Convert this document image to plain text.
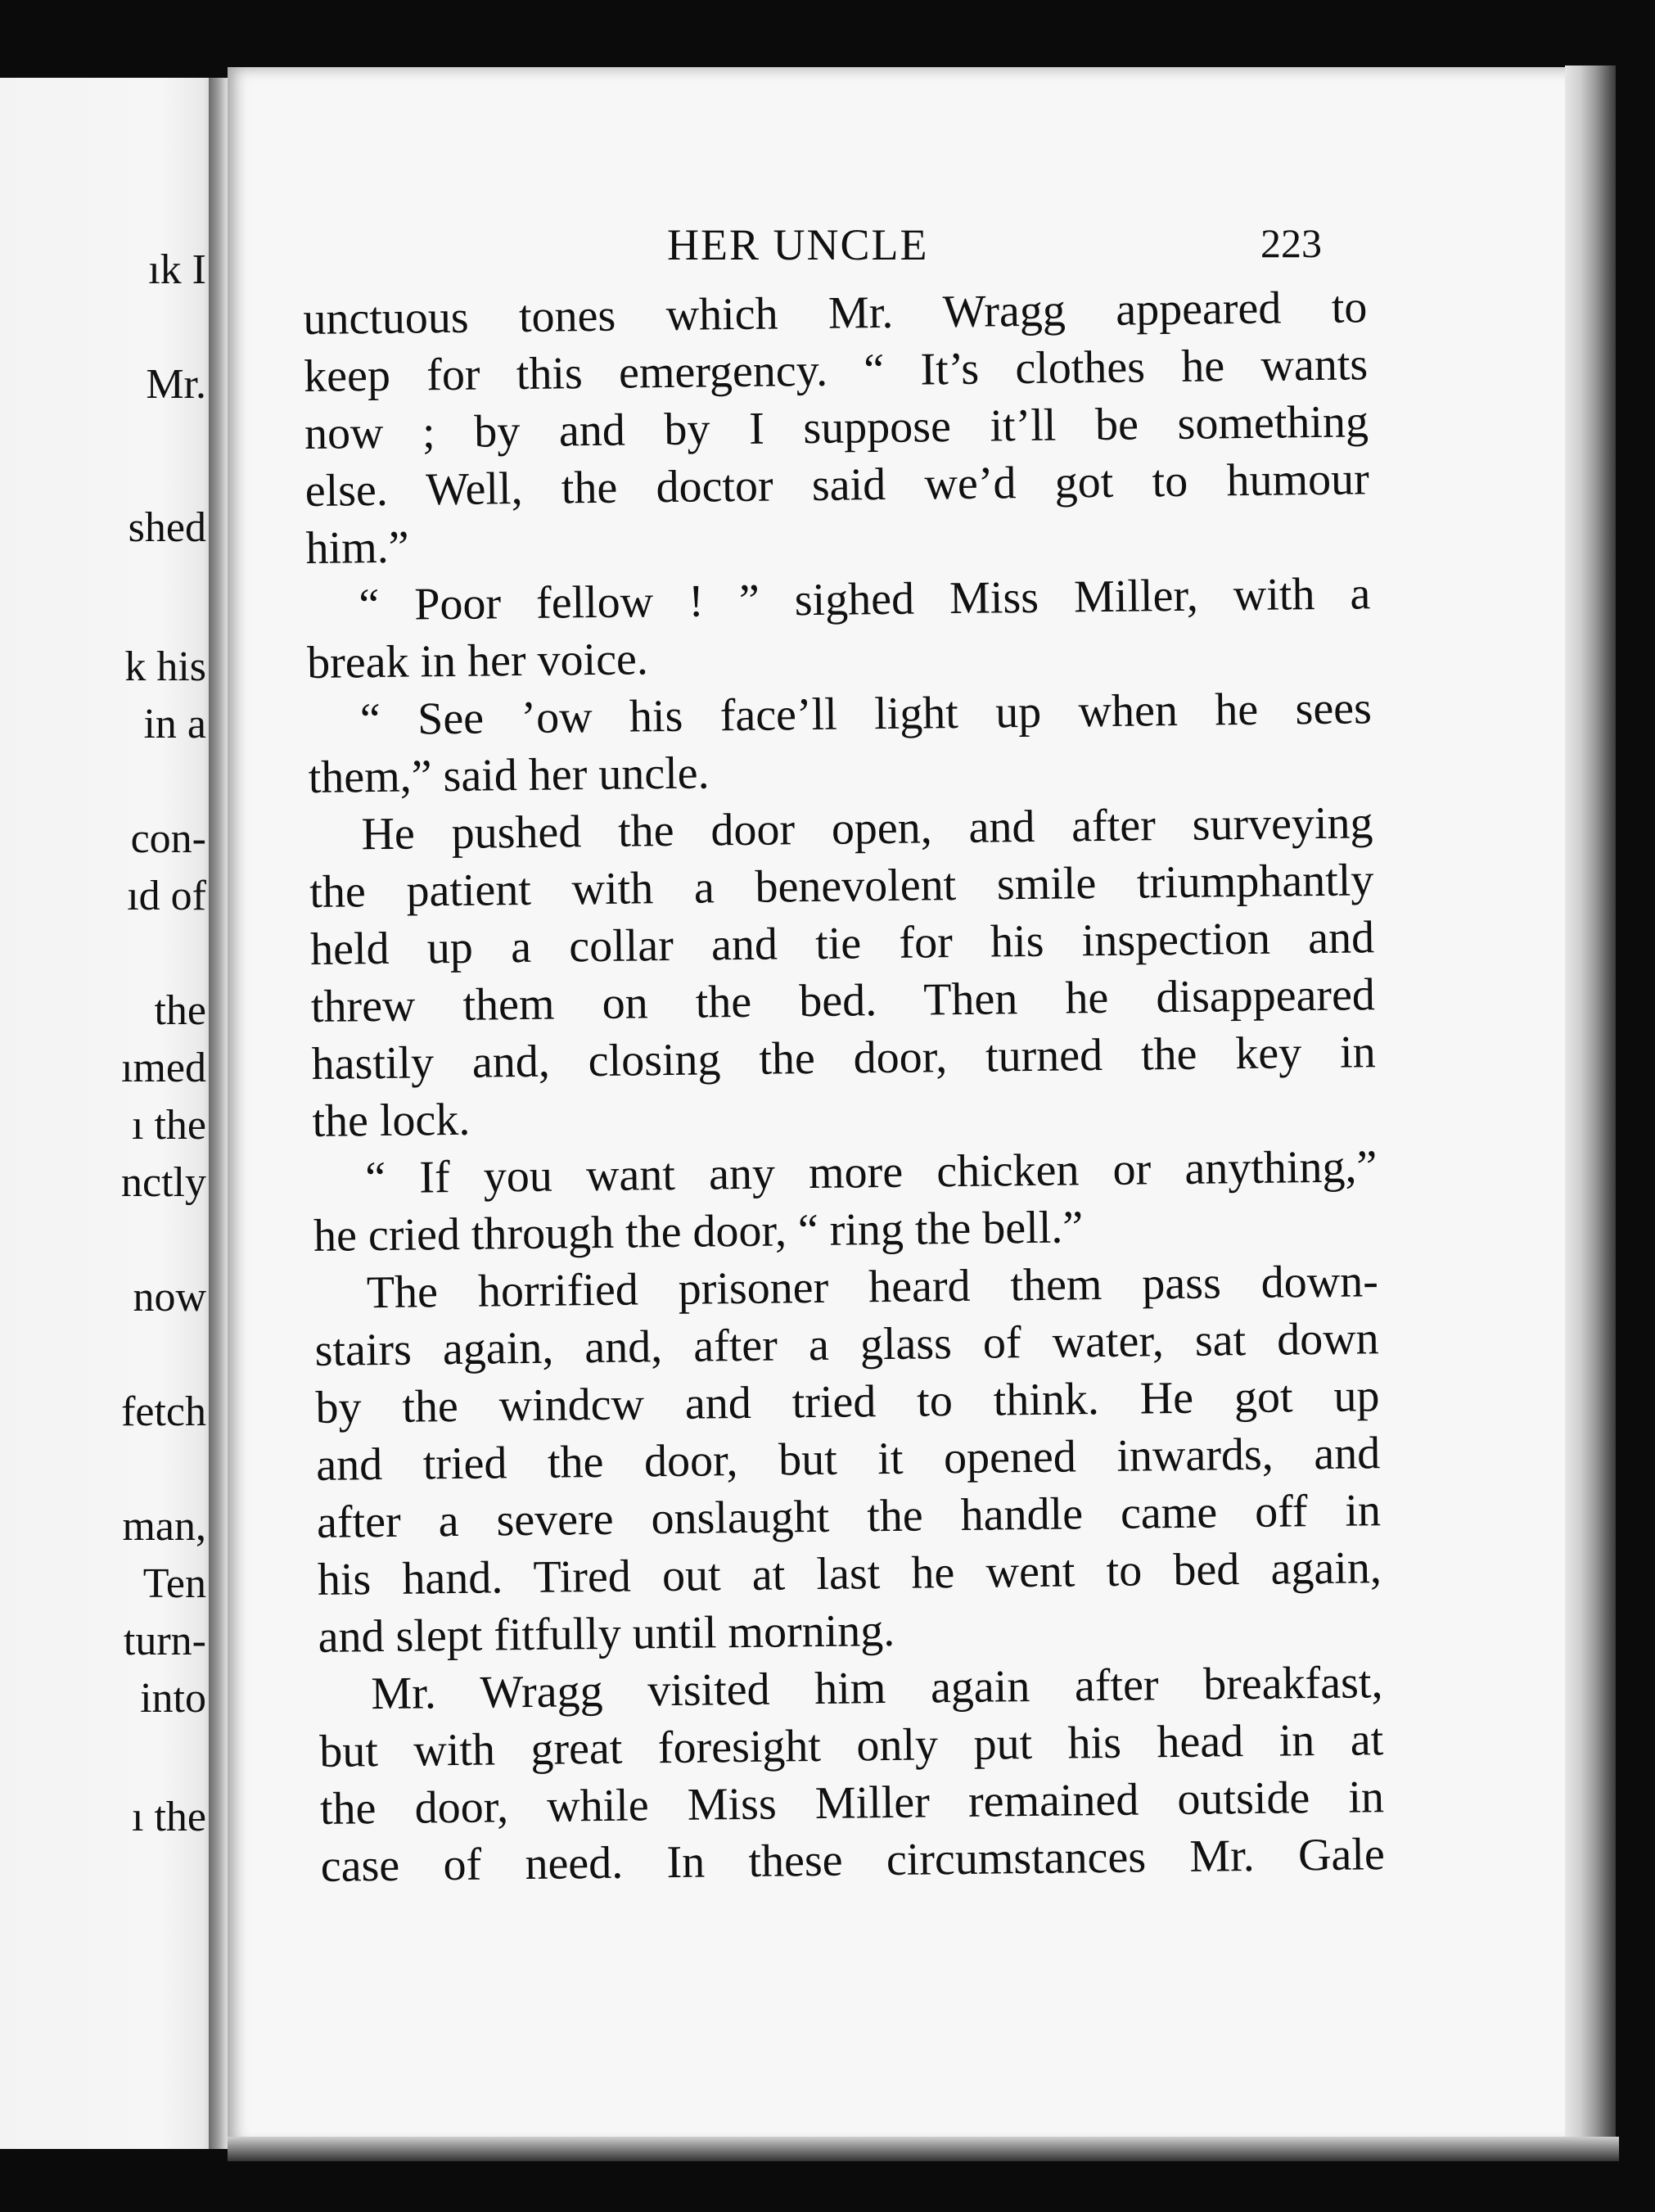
ık I
Mr.
shed
k his
in a
con-
ıd of
the
ımed
ı the
nctly
now
fetch
man,
Ten
turn-
into
ı the
HER UNCLE	223
unctuous tones which Mr. Wragg appeared to
keep for this emergency. “ It’s clothes he wants
now ; by and by I suppose it’ll be something
else. Well, the doctor said we’d got to humour
him.”
“ Poor fellow ! ” sighed Miss Miller, with a
break in her voice.
“ See ’ow his face’ll light up when he sees
them,” said her uncle.
He pushed the door open, and after surveying
the patient with a benevolent smile triumphantly
held up a collar and tie for his inspection and
threw them on the bed. Then he disappeared
hastily and, closing the door, turned the key in
the lock.
“ If you want any more chicken or anything,”
he cried through the door, “ ring the bell.”
The horrified prisoner heard them pass down-
stairs again, and, after a glass of water, sat down
by the windcw and tried to think. He got up
and tried the door, but it opened inwards, and
after a severe onslaught the handle came off in
his hand. Tired out at last he went to bed again,
and slept fitfully until morning.
Mr. Wragg visited him again after breakfast,
but with great foresight only put his head in at
the door, while Miss Miller remained outside in
case of need. In these circumstances Mr. Gale
